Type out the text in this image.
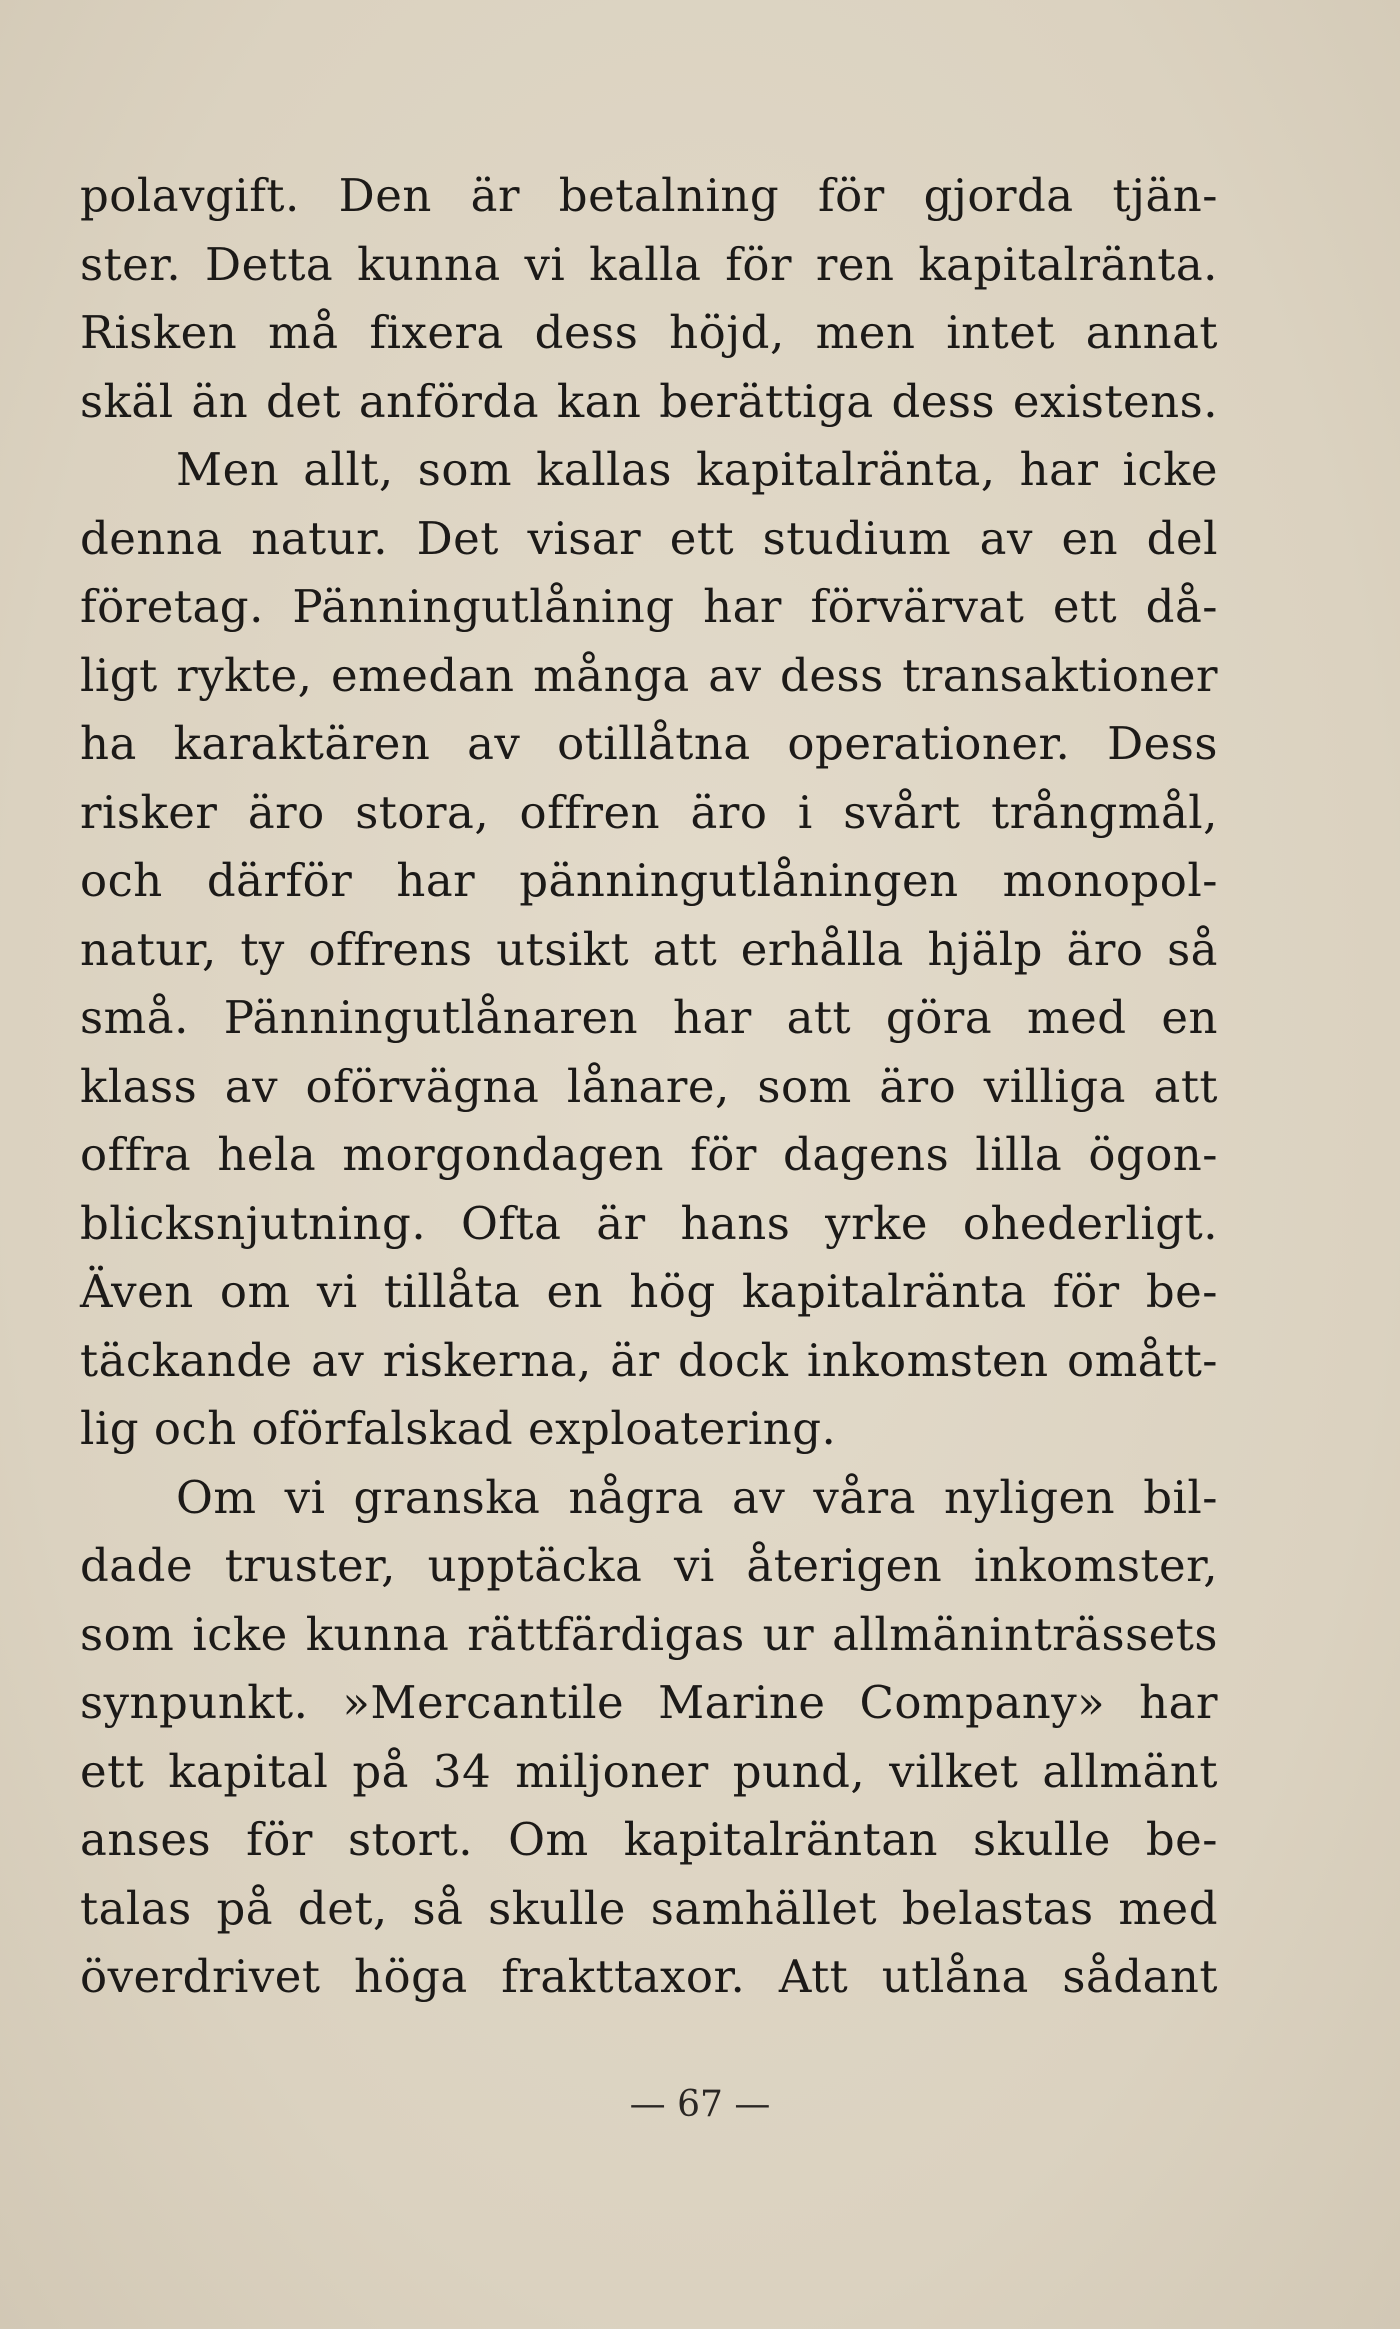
polavgift. Den är betalning för gjorda tjän-
ster. Detta kunna vi kalla för ren kapitalränta.
Risken må fixera dess höjd, men intet annat
skäl än det anförda kan berättiga dess existens.
Men allt, som kallas kapitalränta, har icke
denna natur. Det visar ett studium av en del
företag. Pänningutlåning har förvärvat ett då-
ligt rykte, emedan många av dess transaktioner
ha karaktären av otillåtna operationer. Dess
risker äro stora, offren äro i svårt trångmål,
och därför har pänningutlåningen monopol-
natur, ty offrens utsikt att erhålla hjälp äro så
små. Pänningutlånaren har att göra med en
klass av oförvägna lånare, som äro villiga att
offra hela morgondagen för dagens lilla ögon-
blicksnjutning. Ofta är hans yrke ohederligt.
Även om vi tillåta en hög kapitalränta för be-
täckande av riskerna, är dock inkomsten omått-
lig och oförfalskad exploatering.
Om vi granska några av våra nyligen bil-
dade truster, upptäcka vi återigen inkomster,
som icke kunna rättfärdigas ur allmäninträssets
synpunkt. »Mercantile Marine Company» har
ett kapital på 34 miljoner pund, vilket allmänt
anses för stort. Om kapitalräntan skulle be-
talas på det, så skulle samhället belastas med
överdrivet höga frakttaxor. Att utlåna sådant
— 67 —
